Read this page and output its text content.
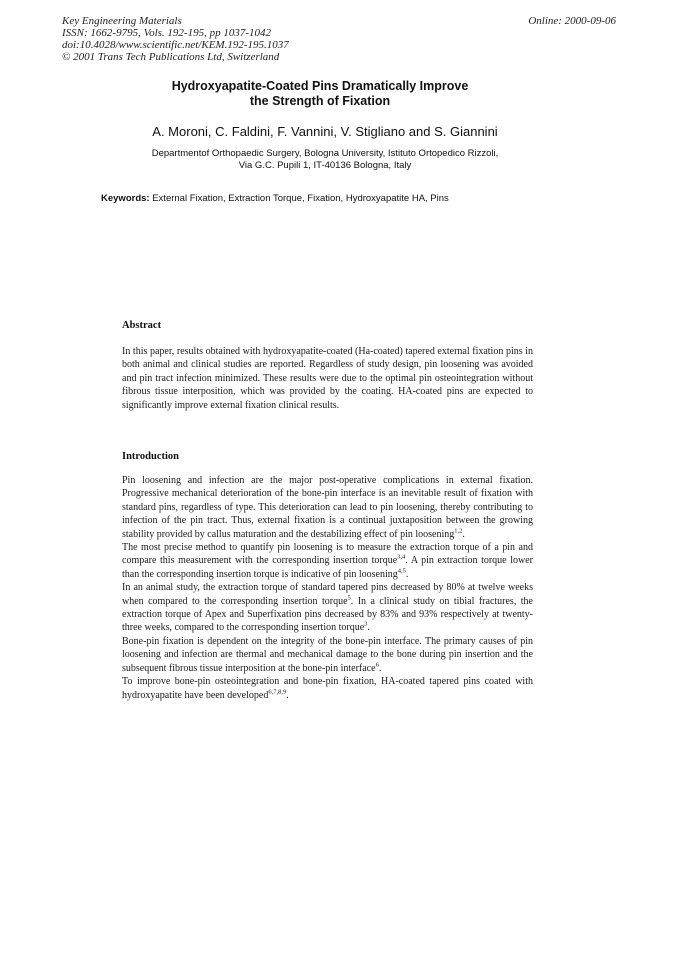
Key Engineering Materials
ISSN: 1662-9795, Vols. 192-195, pp 1037-1042
doi:10.4028/www.scientific.net/KEM.192-195.1037
© 2001 Trans Tech Publications Ltd, Switzerland
Online: 2000-09-06
Hydroxyapatite-Coated Pins Dramatically Improve
the Strength of Fixation
A. Moroni, C. Faldini, F. Vannini, V. Stigliano and S. Giannini
Departmentof Orthopaedic Surgery, Bologna University, Istituto Ortopedico Rizzoli,
Via G.C. Pupili 1, IT-40136 Bologna, Italy
Keywords: External Fixation, Extraction Torque, Fixation, Hydroxyapatite HA, Pins
Abstract

In this paper, results obtained with hydroxyapatite-coated (Ha-coated) tapered external fixation pins in both animal and clinical studies are reported. Regardless of study design, pin loosening was avoided and pin tract infection minimized. These results were due to the optimal pin osteointegration without fibrous tissue interposition, which was provided by the coating. HA-coated pins are expected to significantly improve external fixation clinical results.

Introduction

Pin loosening and infection are the major post-operative complications in external fixation. Progressive mechanical deterioration of the bone-pin interface is an inevitable result of fixation with standard pins, regardless of type. This deterioration can lead to pin loosening, thereby contributing to infection of the pin tract. Thus, external fixation is a continual juxtaposition between the growing stability provided by callus maturation and the destabilizing effect of pin loosening$^{1,2}$.

The most precise method to quantify pin loosening is to measure the extraction torque of a pin and compare this measurement with the corresponding insertion torque$^{3,4}$. A pin extraction torque lower than the corresponding insertion torque is indicative of pin loosening$^{4,5}$.

In an animal study, the extraction torque of standard tapered pins decreased by 80% at twelve weeks when compared to the corresponding insertion torque$^5$. In a clinical study on tibial fractures, the extraction torque of Apex and Superfixation pins decreased by 83% and 93% respectively at twenty-three weeks, compared to the corresponding insertion torque$^3$.

Bone-pin fixation is dependent on the integrity of the bone-pin interface. The primary causes of pin loosening and infection are thermal and mechanical damage to the bone during pin insertion and the subsequent fibrous tissue interposition at the bone-pin interface$^6$.

To improve bone-pin osteointegration and bone-pin fixation, HA-coated tapered pins coated with hydroxyapatite have been developed$^{6,7,8,9}$.
